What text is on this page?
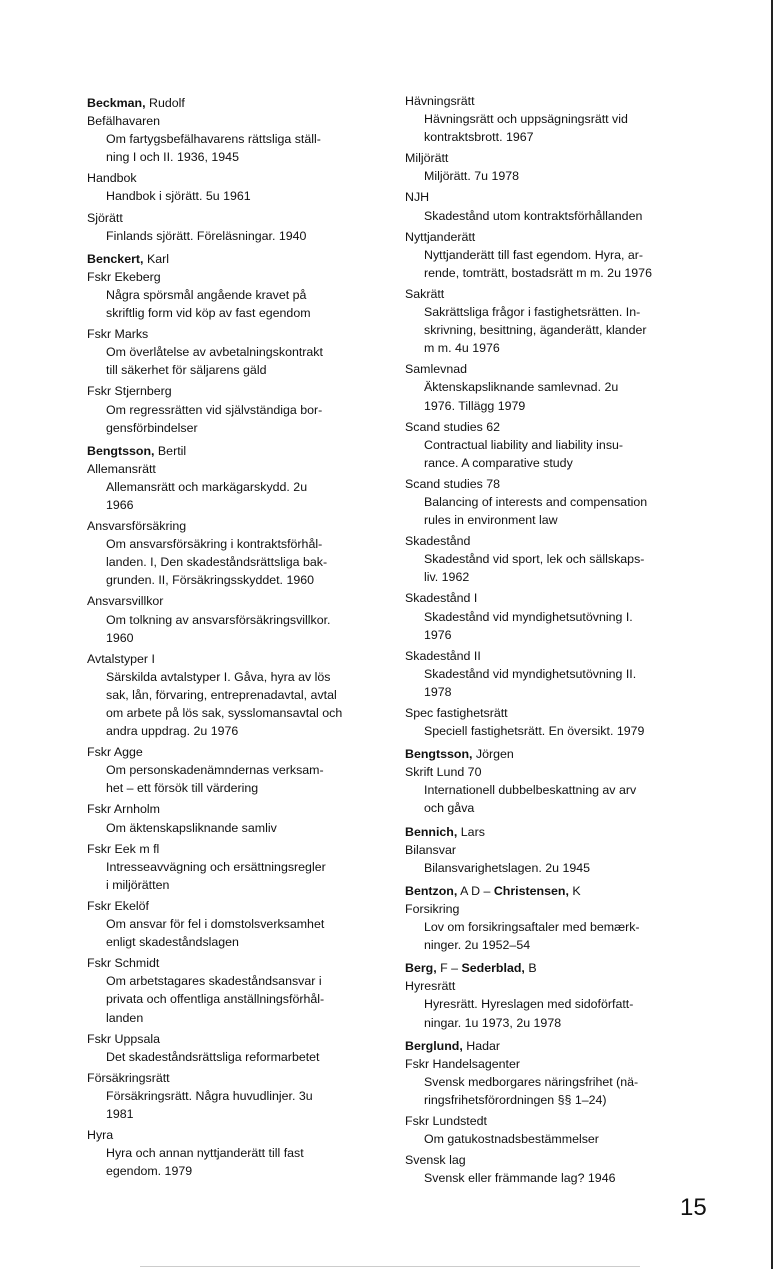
Beckman, Rudolf
Befälhavaren
Om fartygsbefälhavarens rättsliga ställ-
ning I och II. 1936, 1945
Handbok
Handbok i sjörätt. 5u 1961
Sjörätt
Finlands sjörätt. Föreläsningar. 1940
Benckert, Karl
Fskr Ekeberg
Några spörsmål angående kravet på
skriftlig form vid köp av fast egendom
Fskr Marks
Om överlåtelse av avbetalningskontrakt
till säkerhet för säljarens gäld
Fskr Stjernberg
Om regressrätten vid självständiga bor-
gensförbindelser
Bengtsson, Bertil
Allemansrätt
Allemansrätt och markägarskydd. 2u
1966
Ansvarsförsäkring
Om ansvarsförsäkring i kontraktsförhål-
landen. I, Den skadeståndsrättsliga bak-
grunden. II, Försäkringsskyddet. 1960
Ansvarsvillkor
Om tolkning av ansvarsförsäkringsvillkor.
1960
Avtalstyper I
Särskilda avtalstyper I. Gåva, hyra av lös
sak, lån, förvaring, entreprenadavtal, avtal
om arbete på lös sak, sysslomansavtal och
andra uppdrag. 2u 1976
Fskr Agge
Om personskadenämndernas verksam-
het – ett försök till värdering
Fskr Arnholm
Om äktenskapsliknande samliv
Fskr Eek m fl
Intresseavvägning och ersättningsregler
i miljörätten
Fskr Ekelöf
Om ansvar för fel i domstolsverksamhet
enligt skadeståndslagen
Fskr Schmidt
Om arbetstagares skadeståndsansvar i
privata och offentliga anställningsförhål-
landen
Fskr Uppsala
Det skadeståndsrättsliga reformarbetet
Försäkringsrätt
Försäkringsrätt. Några huvudlinjer. 3u
1981
Hyra
Hyra och annan nyttjanderätt till fast
egendom. 1979
Hävningsrätt
Hävningsrätt och uppsägningsrätt vid
kontraktsbrott. 1967
Miljörätt
Miljörätt. 7u 1978
NJH
Skadestånd utom kontraktsförhållanden
Nyttjanderätt
Nyttjanderätt till fast egendom. Hyra, ar-
rende, tomträtt, bostadsrätt m m. 2u 1976
Sakrätt
Sakrättsliga frågor i fastighetsrätten. In-
skrivning, besittning, äganderätt, klander
m m. 4u 1976
Samlevnad
Äktenskapsliknande samlevnad. 2u
1976. Tillägg 1979
Scand studies 62
Contractual liability and liability insu-
rance. A comparative study
Scand studies 78
Balancing of interests and compensation
rules in environment law
Skadestånd
Skadestånd vid sport, lek och sällskaps-
liv. 1962
Skadestånd I
Skadestånd vid myndighetsutövning I.
1976
Skadestånd II
Skadestånd vid myndighetsutövning II.
1978
Spec fastighetsrätt
Speciell fastighetsrätt. En översikt. 1979
Bengtsson, Jörgen
Skrift Lund 70
Internationell dubbelbeskattning av arv
och gåva
Bennich, Lars
Bilansvar
Bilansvarighetslagen. 2u 1945
Bentzon, A D – Christensen, K
Forsikring
Lov om forsikringsaftaler med bemærk-
ninger. 2u 1952–54
Berg, F – Sederblad, B
Hyresrätt
Hyresrätt. Hyreslagen med sidoförfatt-
ningar. 1u 1973, 2u 1978
Berglund, Hadar
Fskr Handelsagenter
Svensk medborgares näringsfrihet (nä-
ringsfrihetsförordningen §§ 1–24)
Fskr Lundstedt
Om gatukostnadsbestämmelser
Svensk lag
Svensk eller främmande lag? 1946
15
